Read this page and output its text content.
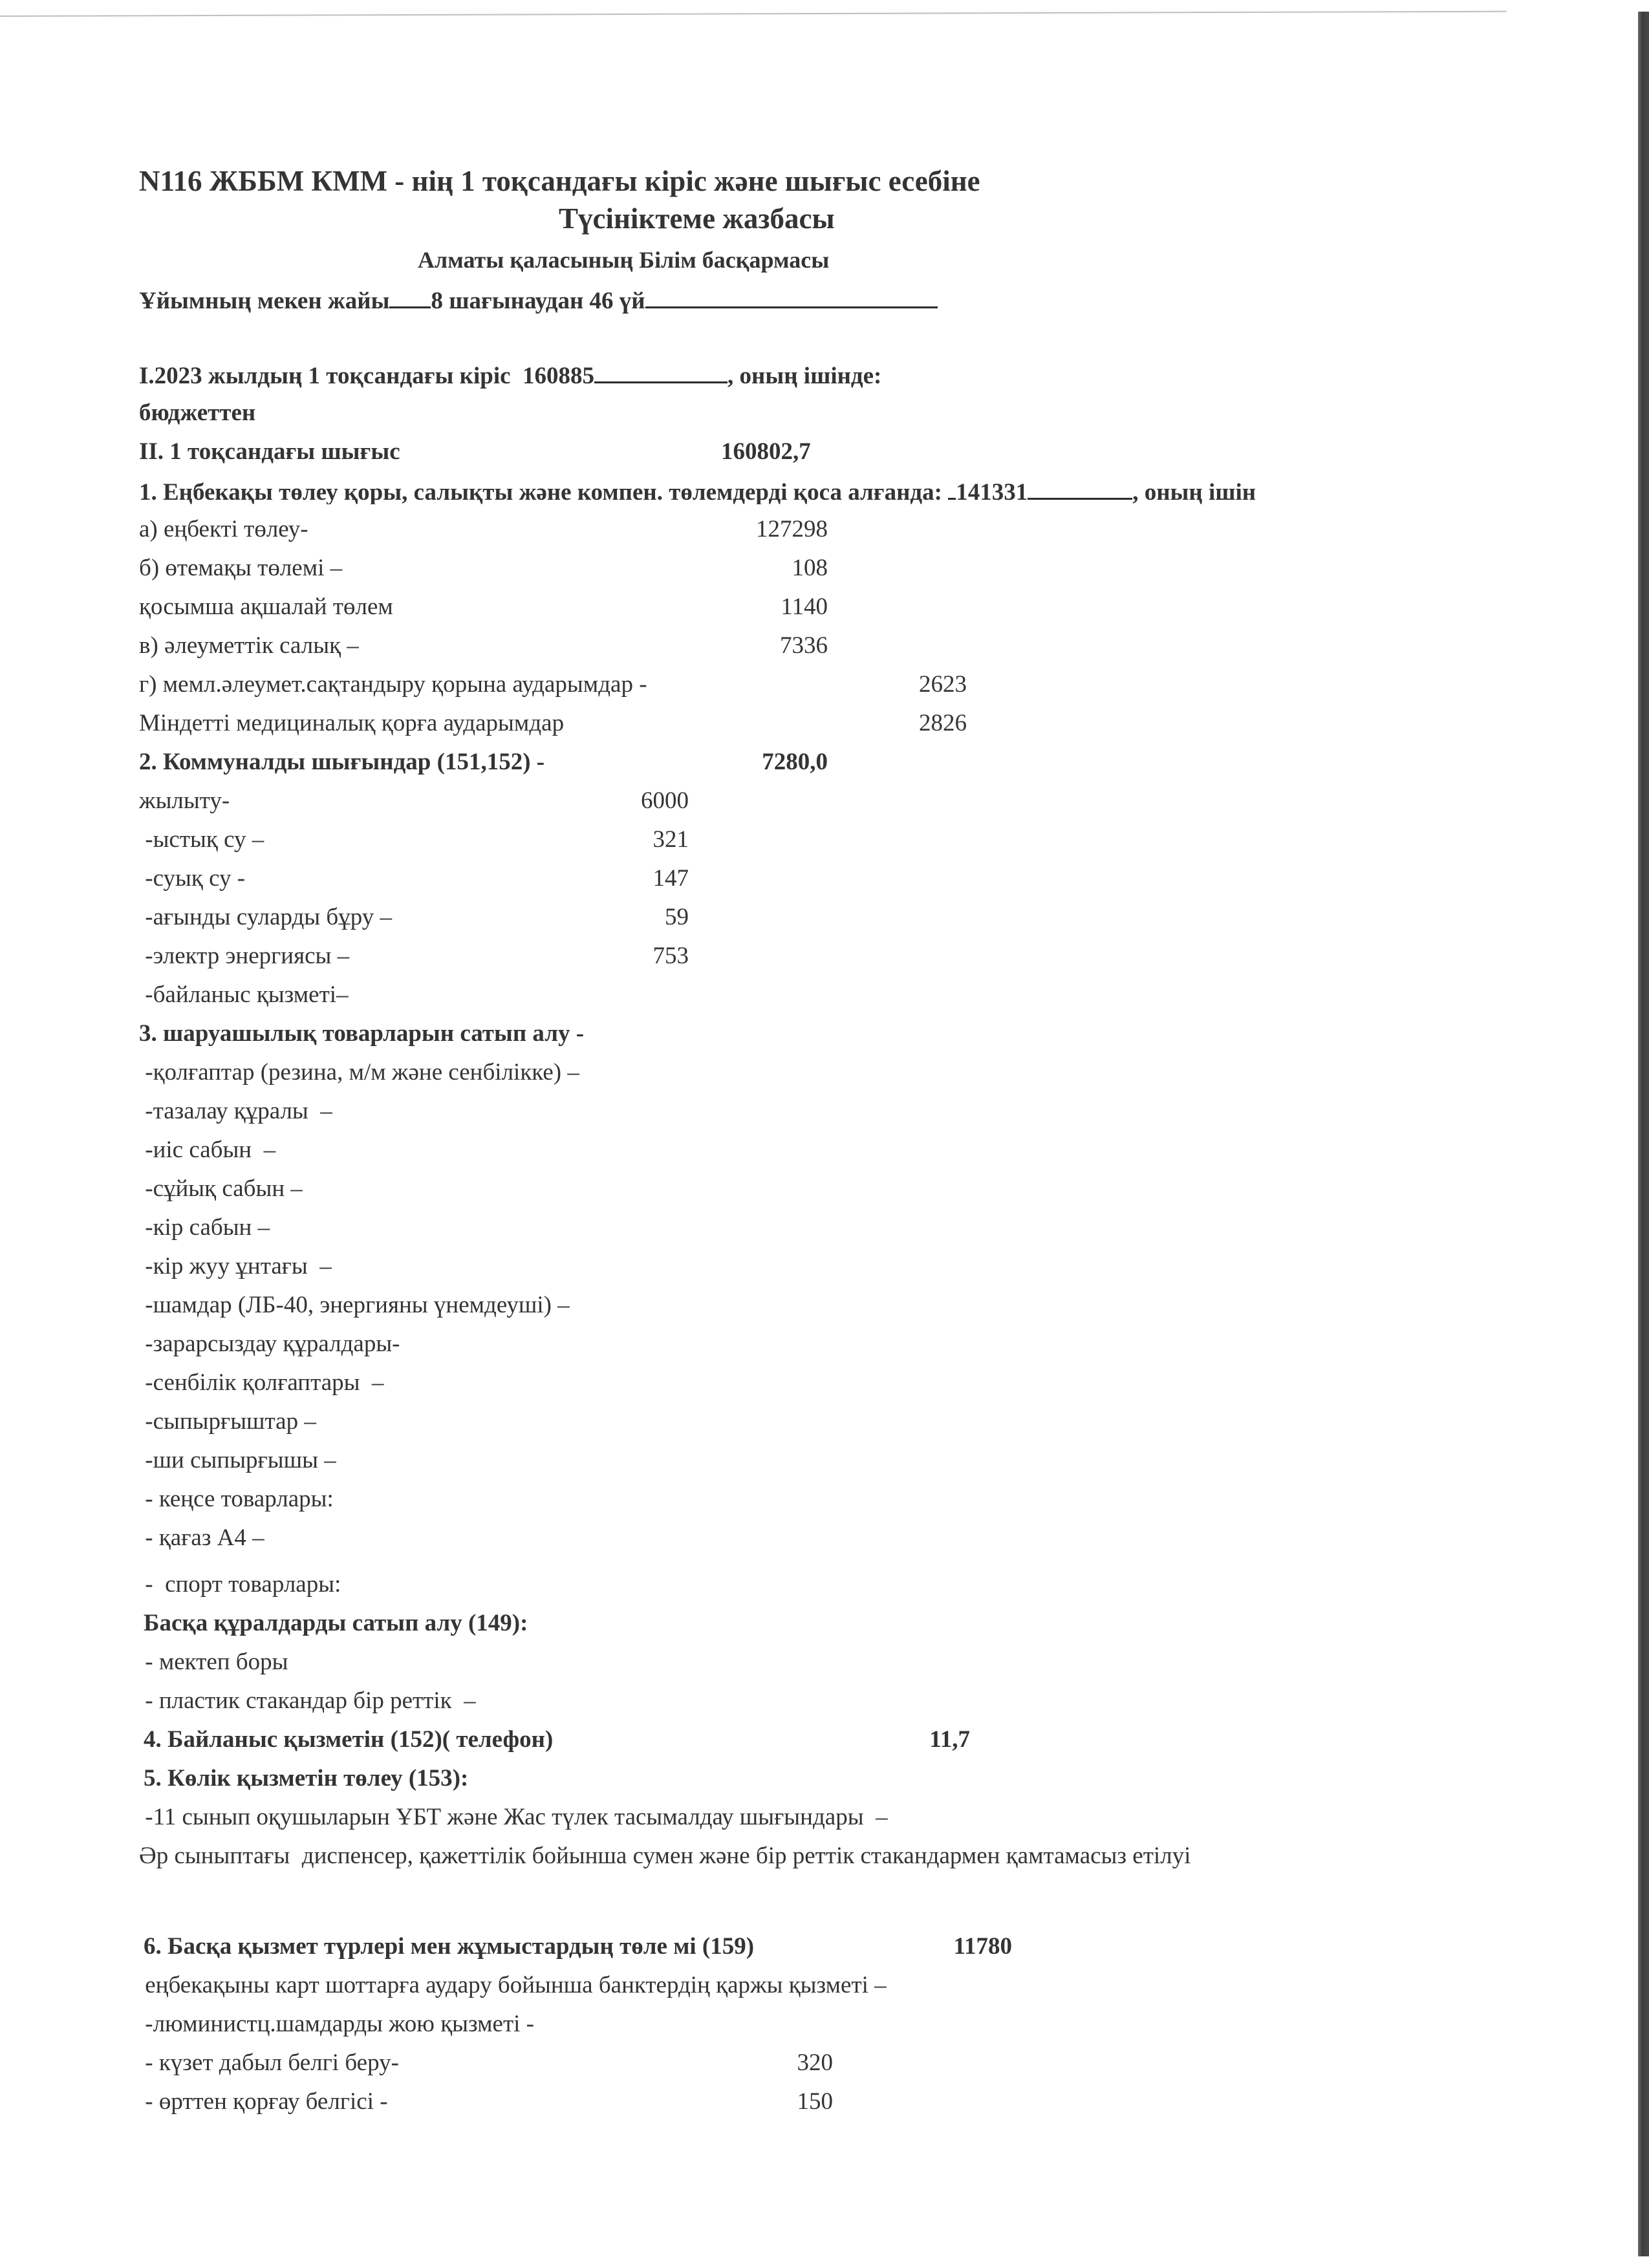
N116 ЖББМ КММ - нің 1 тоқсандағы кіріс және шығыс есебіне
Түсініктеме жазбасы
Алматы қаласының Білім басқармасы
Ұйымның мекен жайы 8 шағынаудан 46 үй
I.2023 жылдың 1 тоқсандағы кіріс 160885	, оның ішінде:
бюджеттен
II. 1 тоқсандағы шығыс	160802,7
1. Еңбекақы төлеу қоры, салықты және компен. төлемдерді қоса алғанда: 141331	, оның ішін
а) еңбекті төлеу-	127298
б) өтемақы төлемі –	108
қосымша ақшалай төлем	1140
в) әлеуметтік салық –	7336
г) мемл.әлеумет.сақтандыру қорына аударымдар -	2623
Міндетті медициналық қорға аударымдар	2826
2. Коммуналды шығындар (151,152) -	7280,0
жылыту-	6000
-ыстық су –	321
-суық су -	147
-ағынды суларды бұру –	59
-электр энергиясы –	753
-байланыс қызметі–
3. шаруашылық товарларын сатып алу -
-қолғаптар (резина, м/м және сенбілікке) –
-тазалау құралы  –
-иіс сабын  –
-сұйық сабын –
-кір сабын –
-кір жуу ұнтағы  –
-шамдар (ЛБ-40, энергияны үнемдеуші) –
-зарарсыздау құралдары-
-сенбілік қолғаптары  –
-сыпырғыштар –
-ши сыпырғышы –
- кеңсе товарлары:
- қағаз А4 –
-  спорт товарлары:
Басқа құралдарды сатып алу (149):
- мектеп боры
- пластик стакандар бір реттік  –
4. Байланыс қызметін (152)( телефон)	11,7
5. Көлік қызметін төлеу (153):
-11 сынып оқушыларын ҰБТ және Жас түлек тасымалдау шығындары  –
Әр сыныптағы  диспенсер, қажеттілік бойынша сумен және бір реттік стакандармен қамтамасыз етілуі
6. Басқа қызмет түрлері мен жұмыстардың төле мі (159)	11780
еңбекақыны карт шоттарға аудару бойынша банктердің қаржы қызметі –
-люминистц.шамдарды жою қызметі -
- күзет дабыл белгі беру-	320
- өрттен қорғау белгісі -	150
